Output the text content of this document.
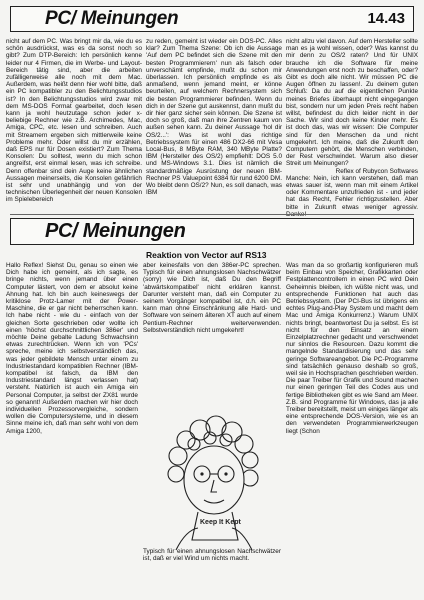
PC/ Meinungen	14.43

nicht auf dem PC. Was bringt mir da, wie du es schön ausdrückst, was es da sonst noch so gibt? Zum DTP-Bereich: Ich persönlich kenne leider nur 4 Firmen, die im Werbe- und Layout-Bereich tätig sind, aber die arbeiten zufälligerweise alle noch mit dem Mac. Außerdem, was heißt denn hier wohl bitte, daß ein PC kompatibler zu den Belichtungsstudios ist? In den Belichtungsstudios wird zwar mit dem MS-DOS Format gearbeitet, doch lesen kann ja wohl heutzutage schon jeder x-beliebige Rechner wie z.B. Archimedes, Mac, Amiga, CPC, etc. lesen und schreiben. Auch mit Streamern ergeben sich mittlerweile keine Probleme mehr. Oder willst du mir erzählen, daß EPS nur für Dosen existiert? Zum Thema Konsolen: Du solltest, wenn du mich schon angreifst, erst einmal lesen, was ich schreibe. Denn offenbar sind dein Auge keine ähnlichen Aussagen meinerseits, die Konsolen gefährlich ist sehr und unabhängig und von der technischen Überlegenheit der neuen Konsolen im Spielebereich

zu reden, gemeint ist wieder ein DOS-PC. Alles klar? Zum Thema Szene: Ob ich die Aussage 'Auf dem PC befindet sich die Szene mit den besten Programmierern' nun als falsch oder unverschämt empfinde, mußt du schon mir überlassen. Ich persönlich empfinde es als anmaßend, wenn jemand meint, er könne beurteilen, auf welchem Rechnersystem sich die besten Programmierer befinden. Wenn du dich in der Szene gut auskennst, dann mußt du dir hier ganz sicher sein können. Die Szene ist doch so groß, daß man ihre Zentren kaum von außen sehen kann. Zu deiner Aussage 'hol dir OS/2...': Was ist wohl das richtige Betriebssystem für einen 486 DX2-66 mit Vesa Local-Bus, 8 MByte RAM, 340 MByte Platte? IBM (Hersteller des OS/2) empfiehlt: DOS 5.0 und MS-Windows 3.1. Dies ist nämlich die standardmäßige Ausrüstung der neuen IBM-Rechner PS Valuepoint 6384 für rund 6200 DM. Wo bleibt denn OS/2? Nun, es soll danach, was IBM

nicht allzu viel davon. Auf dem Hersteller sollte man es ja wohl wissen, oder? Was kannst du mir denn zu OS/2 raten? Und für UNIX brauche ich die Software für meine Anwendungen erst noch zu beschaffen, oder? Gibt es doch alle nicht. Wir müssen PC die Augen öffnen zu lassen!. Zu deinem guten Schluß: Da du auf die eigentlichen Punkte meines Briefes überhaupt nicht eingegangen bist, sondern nur um jeden Preis recht haben willst, befindest du dich leider nicht in der Sache. Wir sind doch keine Kinder mehr. Es ist doch das, was wir wissen: Die Computer sind für den Menschen da und nicht umgekehrt. Ich meine, daß die Zukunft den Computern gehört, die Menschen verbinden, der Rest verschwindet. Warum also dieser Streit um Meinungen?

Reflex of Rubycon Softwares

Manche: Nein, ich kann verstehen, daß man etwas sauer ist, wenn man mit einem Artikel oder Kommentare unzufrieden ist - und jeder hat das Recht, Fehler richtigzustellen. Aber bitte in Zukunft etwas weniger agressiv. Danke!

PC/ Meinungen
Reaktion von Vector auf RS13

Hallo Reflex! Siehst Du, genau so einen wie Dich habe ich gemeint, als ich sagte, es bringe nichts, wenn jemand über einen Computer lästert, von dem er absolut keine Ahnung hat. Ich bin auch keineswegs der kritiklose Protz-Lamer mit der Power-Maschine, die er gar nicht beherrschen kann. Ich habe nicht - wie du - einfach von der gleichen Sorte geschrieben oder wollte ich einen 'höchst durchschnittlichen 386er' und möchte Deine gebalte Ladung Schwachsinn etwas zurechtrücken. Wenn ich von 'PCs' spreche, meine ich selbstverständlich das, was jeder gebildete Mensch unter einem zu Industriestandard kompatiblen Rechner (IBM-kompatibel ist falsch, da IBM den Industriestandard längst verlassen hat) versteht. Natürlich ist auch ein Amiga ein Personal Computer, ja selbst der ZX81 wurde so genannt! Außerdem machen wir hier doch individuellen Prozessorvergleiche, sondern wollen die Computersysteme, und in diesem Sinne meine ich, daß man sehr wohl von dem Amiga 1200,

aber keinesfalls von den 386er-PC sprechen. Typisch für einen ahnungslosen Nachschwätzer (sorry) wie Dich ist, daß Du den Begriff 'abwärtskompatibel' nicht erklären kannst. Darunter versteht man, daß ein Computer zu seinem Vorgänger kompatibel ist, d.h. ein PC kann man ohne Einschränkung alle Hard- und Software von seinem älteren XT auch auf einem Pentium-Rechner weiterverwenden. Selbstverständlich nicht umgekehrt!

Keep It Kept

Typisch für einen ahnungslosen Nachschwätzer ist, daß er viel Wind um nichts macht.

Was man da so großartig konfigurieren muß beim Einbau von Speicher, Grafikkarten oder Festplattencontrollern in einen PC wird Dein Geheimnis bleiben, ich wüßte nicht was, und entsprechende Funktionen hat auch das Betriebssystem. (Der PCI-Bus ist übrigens ein echtes Plug-and-Play System und macht dem Mac und Amiga Konkurrenz.) Warum UNIX nichts bringt, beantwortest Du ja selbst. Es ist nicht für den Einsatz an einem Einzelplatzrechner gedacht und verschwendet nur sinnlos die Resourcen. Dazu kommt die mangelnde Standardisierung und das sehr geringe Softwareangebot. Die PC-Programme sind tatsächlich genauso deshalb so groß, weil sie in Hochsprachen geschrieben werden. Die paar Treiber für Grafik und Sound machen nur einen geringen Teil des Codes aus und fertige Bibliotheken gibt es wie Sand am Meer. Z.B. sind Programme für Windows, das ja alle Treiber bereitstellt, meist um einiges länger als eine entsprechende DOS-Version, wie es an den verwendeten Programmierwerkzeugen liegt (Schon
